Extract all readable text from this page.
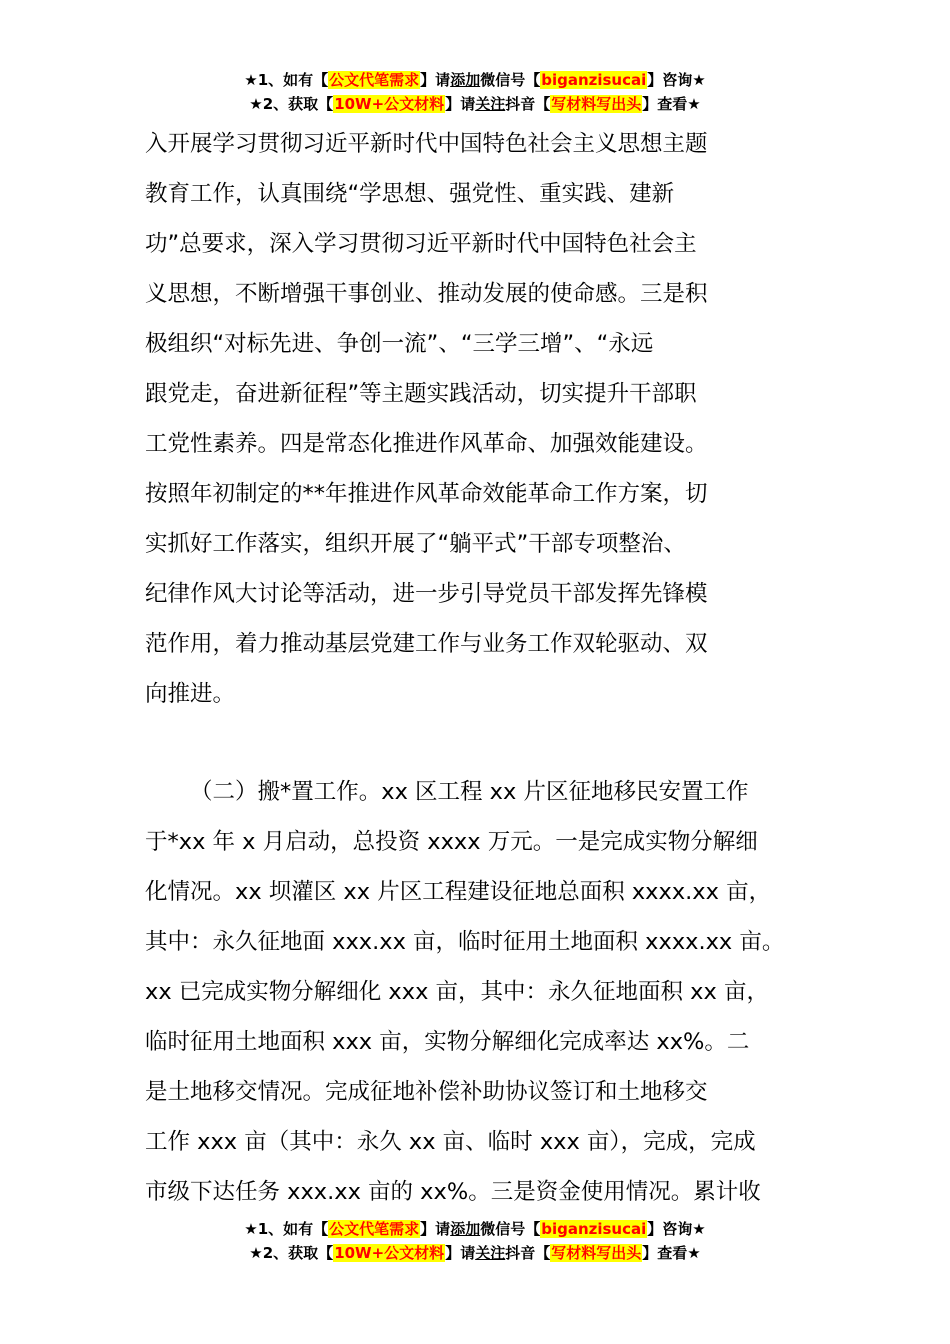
★1、如有【公文代笔需求】请添加微信号【biganzisucai】咨询★
★2、获取【10W+公文材料】请关注抖音【写材料写出头】查看★
入开展学习贯彻习近平新时代中国特色社会主义思想主题
教育工作，认真围绕“学思想、强党性、重实践、建新
功”总要求，深入学习贯彻习近平新时代中国特色社会主
义思想，不断增强干事创业、推动发展的使命感。三是积
极组织“对标先进、争创一流”、“三学三增”、“永远
跟党走，奋进新征程”等主题实践活动，切实提升干部职
工党性素养。四是常态化推进作风革命、加强效能建设。
按照年初制定的**年推进作风革命效能革命工作方案，切
实抓好工作落实，组织开展了“躺平式”干部专项整治、
纪律作风大讨论等活动，进一步引导党员干部发挥先锋模
范作用，着力推动基层党建工作与业务工作双轮驱动、双
向推进。
（二）搬*置工作。xx 区工程 xx 片区征地移民安置工作
于*xx 年 x 月启动，总投资 xxxx 万元。一是完成实物分解细
化情况。xx 坝灌区 xx 片区工程建设征地总面积 xxxx.xx 亩，
其中：永久征地面 xxx.xx 亩，临时征用土地面积 xxxx.xx 亩。
xx 已完成实物分解细化 xxx 亩，其中：永久征地面积 xx 亩，
临时征用土地面积 xxx 亩，实物分解细化完成率达 xx%。二
是土地移交情况。完成征地补偿补助协议签订和土地移交
工作 xxx 亩（其中：永久 xx 亩、临时 xxx 亩），完成，完成
市级下达任务 xxx.xx 亩的 xx%。三是资金使用情况。累计收
★1、如有【公文代笔需求】请添加微信号【biganzisucai】咨询★
★2、获取【10W+公文材料】请关注抖音【写材料写出头】查看★
